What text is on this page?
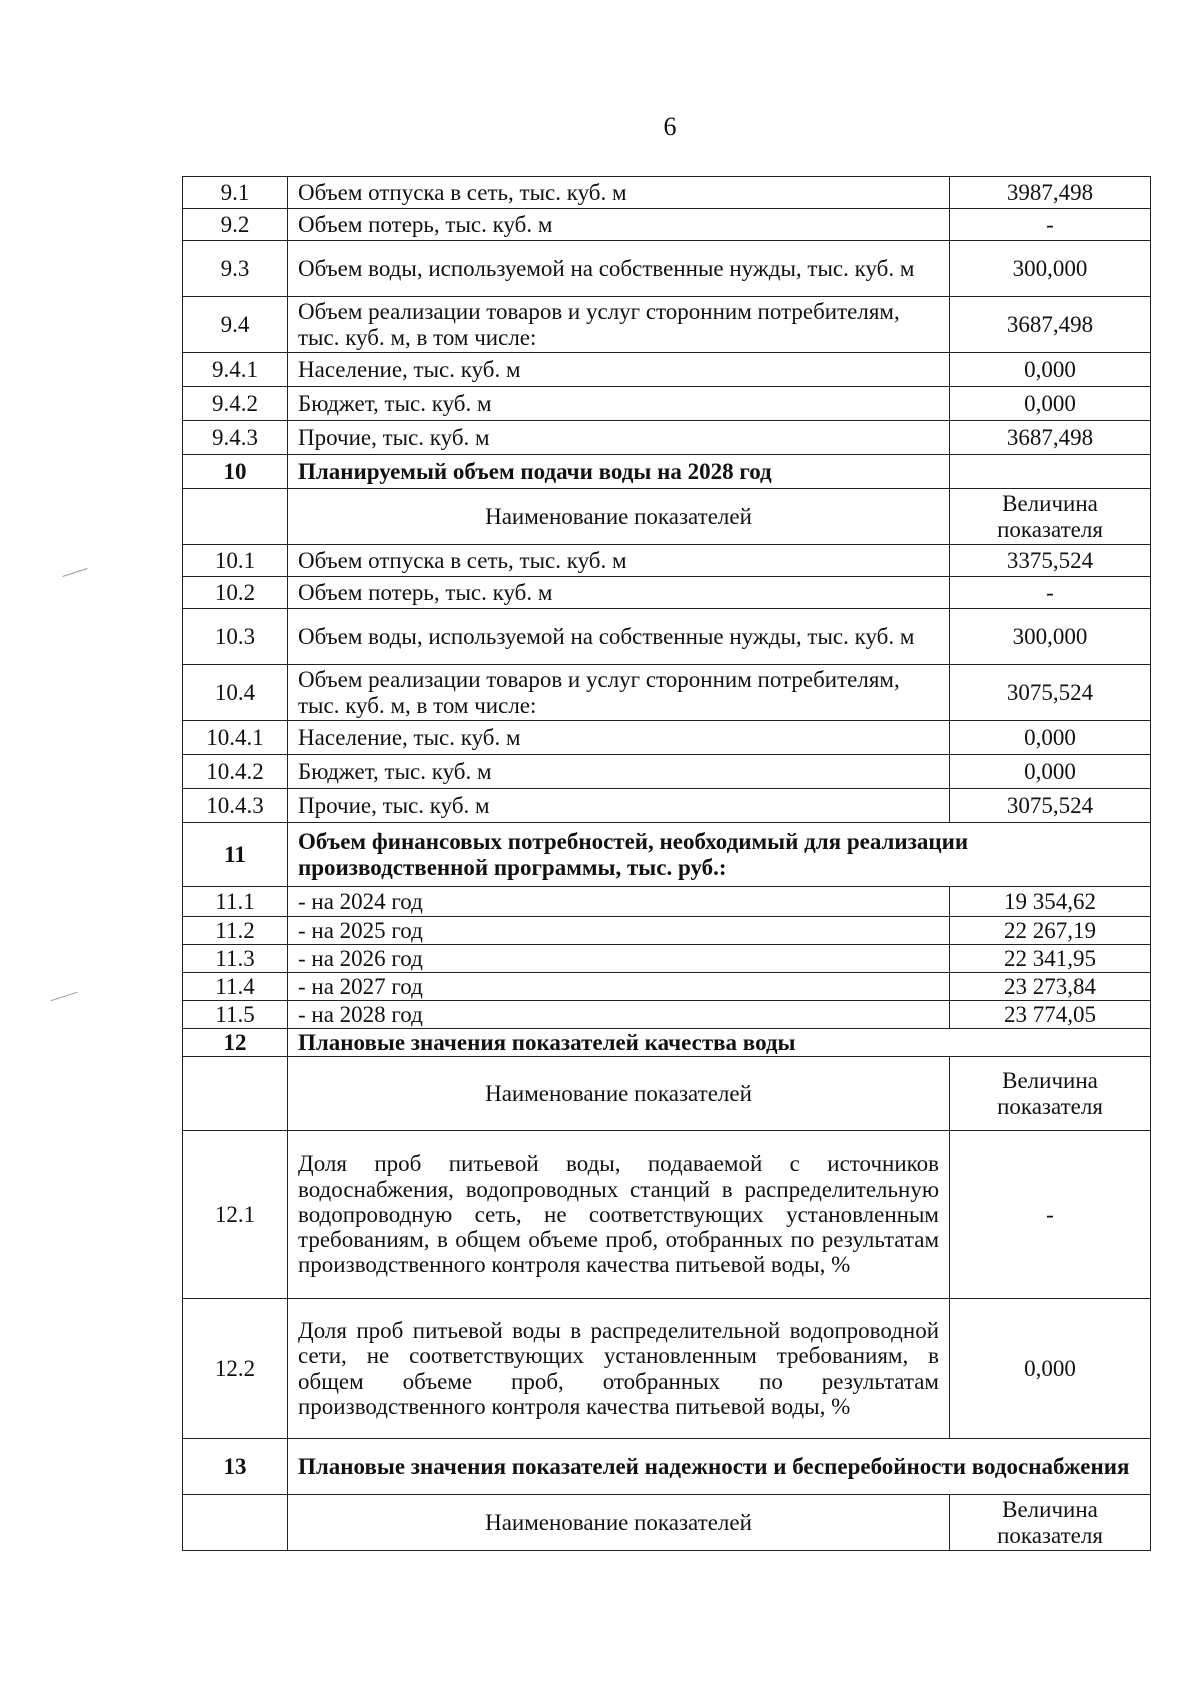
6
9.1	Объем отпуска в сеть, тыс. куб. м	3987,498
9.2	Объем потерь, тыс. куб. м	-
9.3	Объем воды, используемой на собственные нужды, тыс. куб. м	300,000
9.4	Объем реализации товаров и услуг сторонним потребителям, тыс. куб. м, в том числе:	3687,498
9.4.1	Население, тыс. куб. м	0,000
9.4.2	Бюджет, тыс. куб. м	0,000
9.4.3	Прочие, тыс. куб. м	3687,498
10	Планируемый объем подачи воды на 2028 год	
	Наименование показателей	Величина показателя
10.1	Объем отпуска в сеть, тыс. куб. м	3375,524
10.2	Объем потерь, тыс. куб. м	-
10.3	Объем воды, используемой на собственные нужды, тыс. куб. м	300,000
10.4	Объем реализации товаров и услуг сторонним потребителям, тыс. куб. м, в том числе:	3075,524
10.4.1	Население, тыс. куб. м	0,000
10.4.2	Бюджет, тыс. куб. м	0,000
10.4.3	Прочие, тыс. куб. м	3075,524
11	Объем финансовых потребностей, необходимый для реализации производственной программы, тыс. руб.:	
11.1	- на 2024 год	19 354,62
11.2	- на 2025 год	22 267,19
11.3	- на 2026 год	22 341,95
11.4	- на 2027 год	23 273,84
11.5	- на 2028 год	23 774,05
12	Плановые значения показателей качества воды	
	Наименование показателей	Величина показателя
12.1	Доля проб питьевой воды, подаваемой с источников водоснабжения, водопроводных станций в распределительную водопроводную сеть, не соответствующих установленным требованиям, в общем объеме проб, отобранных по результатам производственного контроля качества питьевой воды, %	-
12.2	Доля проб питьевой воды в распределительной водопроводной сети, не соответствующих установленным требованиям, в общем объеме проб, отобранных по результатам производственного контроля качества питьевой воды, %	0,000
13	Плановые значения показателей надежности и бесперебойности водоснабжения	
	Наименование показателей	Величина показателя
